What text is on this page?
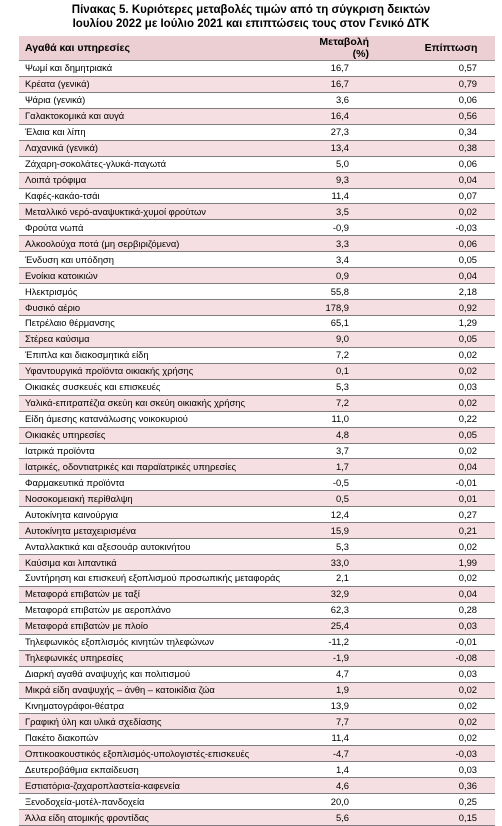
Πίνακας 5. Κυριότερες μεταβολές τιμών από τη σύγκριση δεικτών
Ιουλίου 2022 με Ιούλιο 2021 και επιπτώσεις τους στον Γενικό ΔΤΚ
Αγαθά και υπηρεσίες	Μεταβολή (%)	Επίπτωση
Ψωμί και δημητριακά	16,7	0,57
Κρέατα (γενικά)	16,7	0,79
Ψάρια (γενικά)	3,6	0,06
Γαλακτοκομικά και αυγά	16,4	0,56
Έλαια και λίπη	27,3	0,34
Λαχανικά (γενικά)	13,4	0,38
Ζάχαρη-σοκολάτες-γλυκά-παγωτά	5,0	0,06
Λοιπά τρόφιμα	9,3	0,04
Καφές-κακάο-τσάι	11,4	0,07
Μεταλλικό νερό-αναψυκτικά-χυμοί φρούτων	3,5	0,02
Φρούτα νωπά	-0,9	-0,03
Αλκοολούχα ποτά (μη σερβιριζόμενα)	3,3	0,06
Ένδυση και υπόδηση	3,4	0,05
Ενοίκια κατοικιών	0,9	0,04
Ηλεκτρισμός	55,8	2,18
Φυσικό αέριο	178,9	0,92
Πετρέλαιο θέρμανσης	65,1	1,29
Στέρεα καύσιμα	9,0	0,05
Έπιπλα και διακοσμητικά είδη	7,2	0,02
Υφαντουργικά προϊόντα οικιακής χρήσης	0,1	0,02
Οικιακές συσκευές και επισκευές	5,3	0,03
Υαλικά-επιτραπέζια σκεύη και σκεύη οικιακής χρήσης	7,2	0,02
Είδη άμεσης κατανάλωσης νοικοκυριού	11,0	0,22
Οικιακές υπηρεσίες	4,8	0,05
Ιατρικά προϊόντα	3,7	0,02
Ιατρικές, οδοντιατρικές και παραϊατρικές υπηρεσίες	1,7	0,04
Φαρμακευτικά προϊόντα	-0,5	-0,01
Νοσοκομειακή περίθαλψη	0,5	0,01
Αυτοκίνητα καινούργια	12,4	0,27
Αυτοκίνητα μεταχειρισμένα	15,9	0,21
Ανταλλακτικά και αξεσουάρ αυτοκινήτου	5,3	0,02
Καύσιμα και λιπαντικά	33,0	1,99
Συντήρηση και επισκευή εξοπλισμού προσωπικής μεταφοράς	2,1	0,02
Μεταφορά επιβατών με ταξί	32,9	0,04
Μεταφορά επιβατών με αεροπλάνο	62,3	0,28
Μεταφορά επιβατών με πλοίο	25,4	0,03
Τηλεφωνικός εξοπλισμός κινητών τηλεφώνων	-11,2	-0,01
Τηλεφωνικές υπηρεσίες	-1,9	-0,08
Διαρκή αγαθά αναψυχής και πολιτισμού	4,7	0,03
Μικρά είδη αναψυχής – άνθη – κατοικίδια ζώα	1,9	0,02
Κινηματογράφοι-θέατρα	13,9	0,02
Γραφική ύλη και υλικά σχεδίασης	7,7	0,02
Πακέτο διακοπών	11,4	0,02
Οπτικοακουστικός εξοπλισμός-υπολογιστές-επισκευές	-4,7	-0,03
Δευτεροβάθμια εκπαίδευση	1,4	0,03
Εστιατόρια-ζαχαροπλαστεία-καφενεία	4,6	0,36
Ξενοδοχεία-μοτέλ-πανδοχεία	20,0	0,25
Άλλα είδη ατομικής φροντίδας	5,6	0,15
